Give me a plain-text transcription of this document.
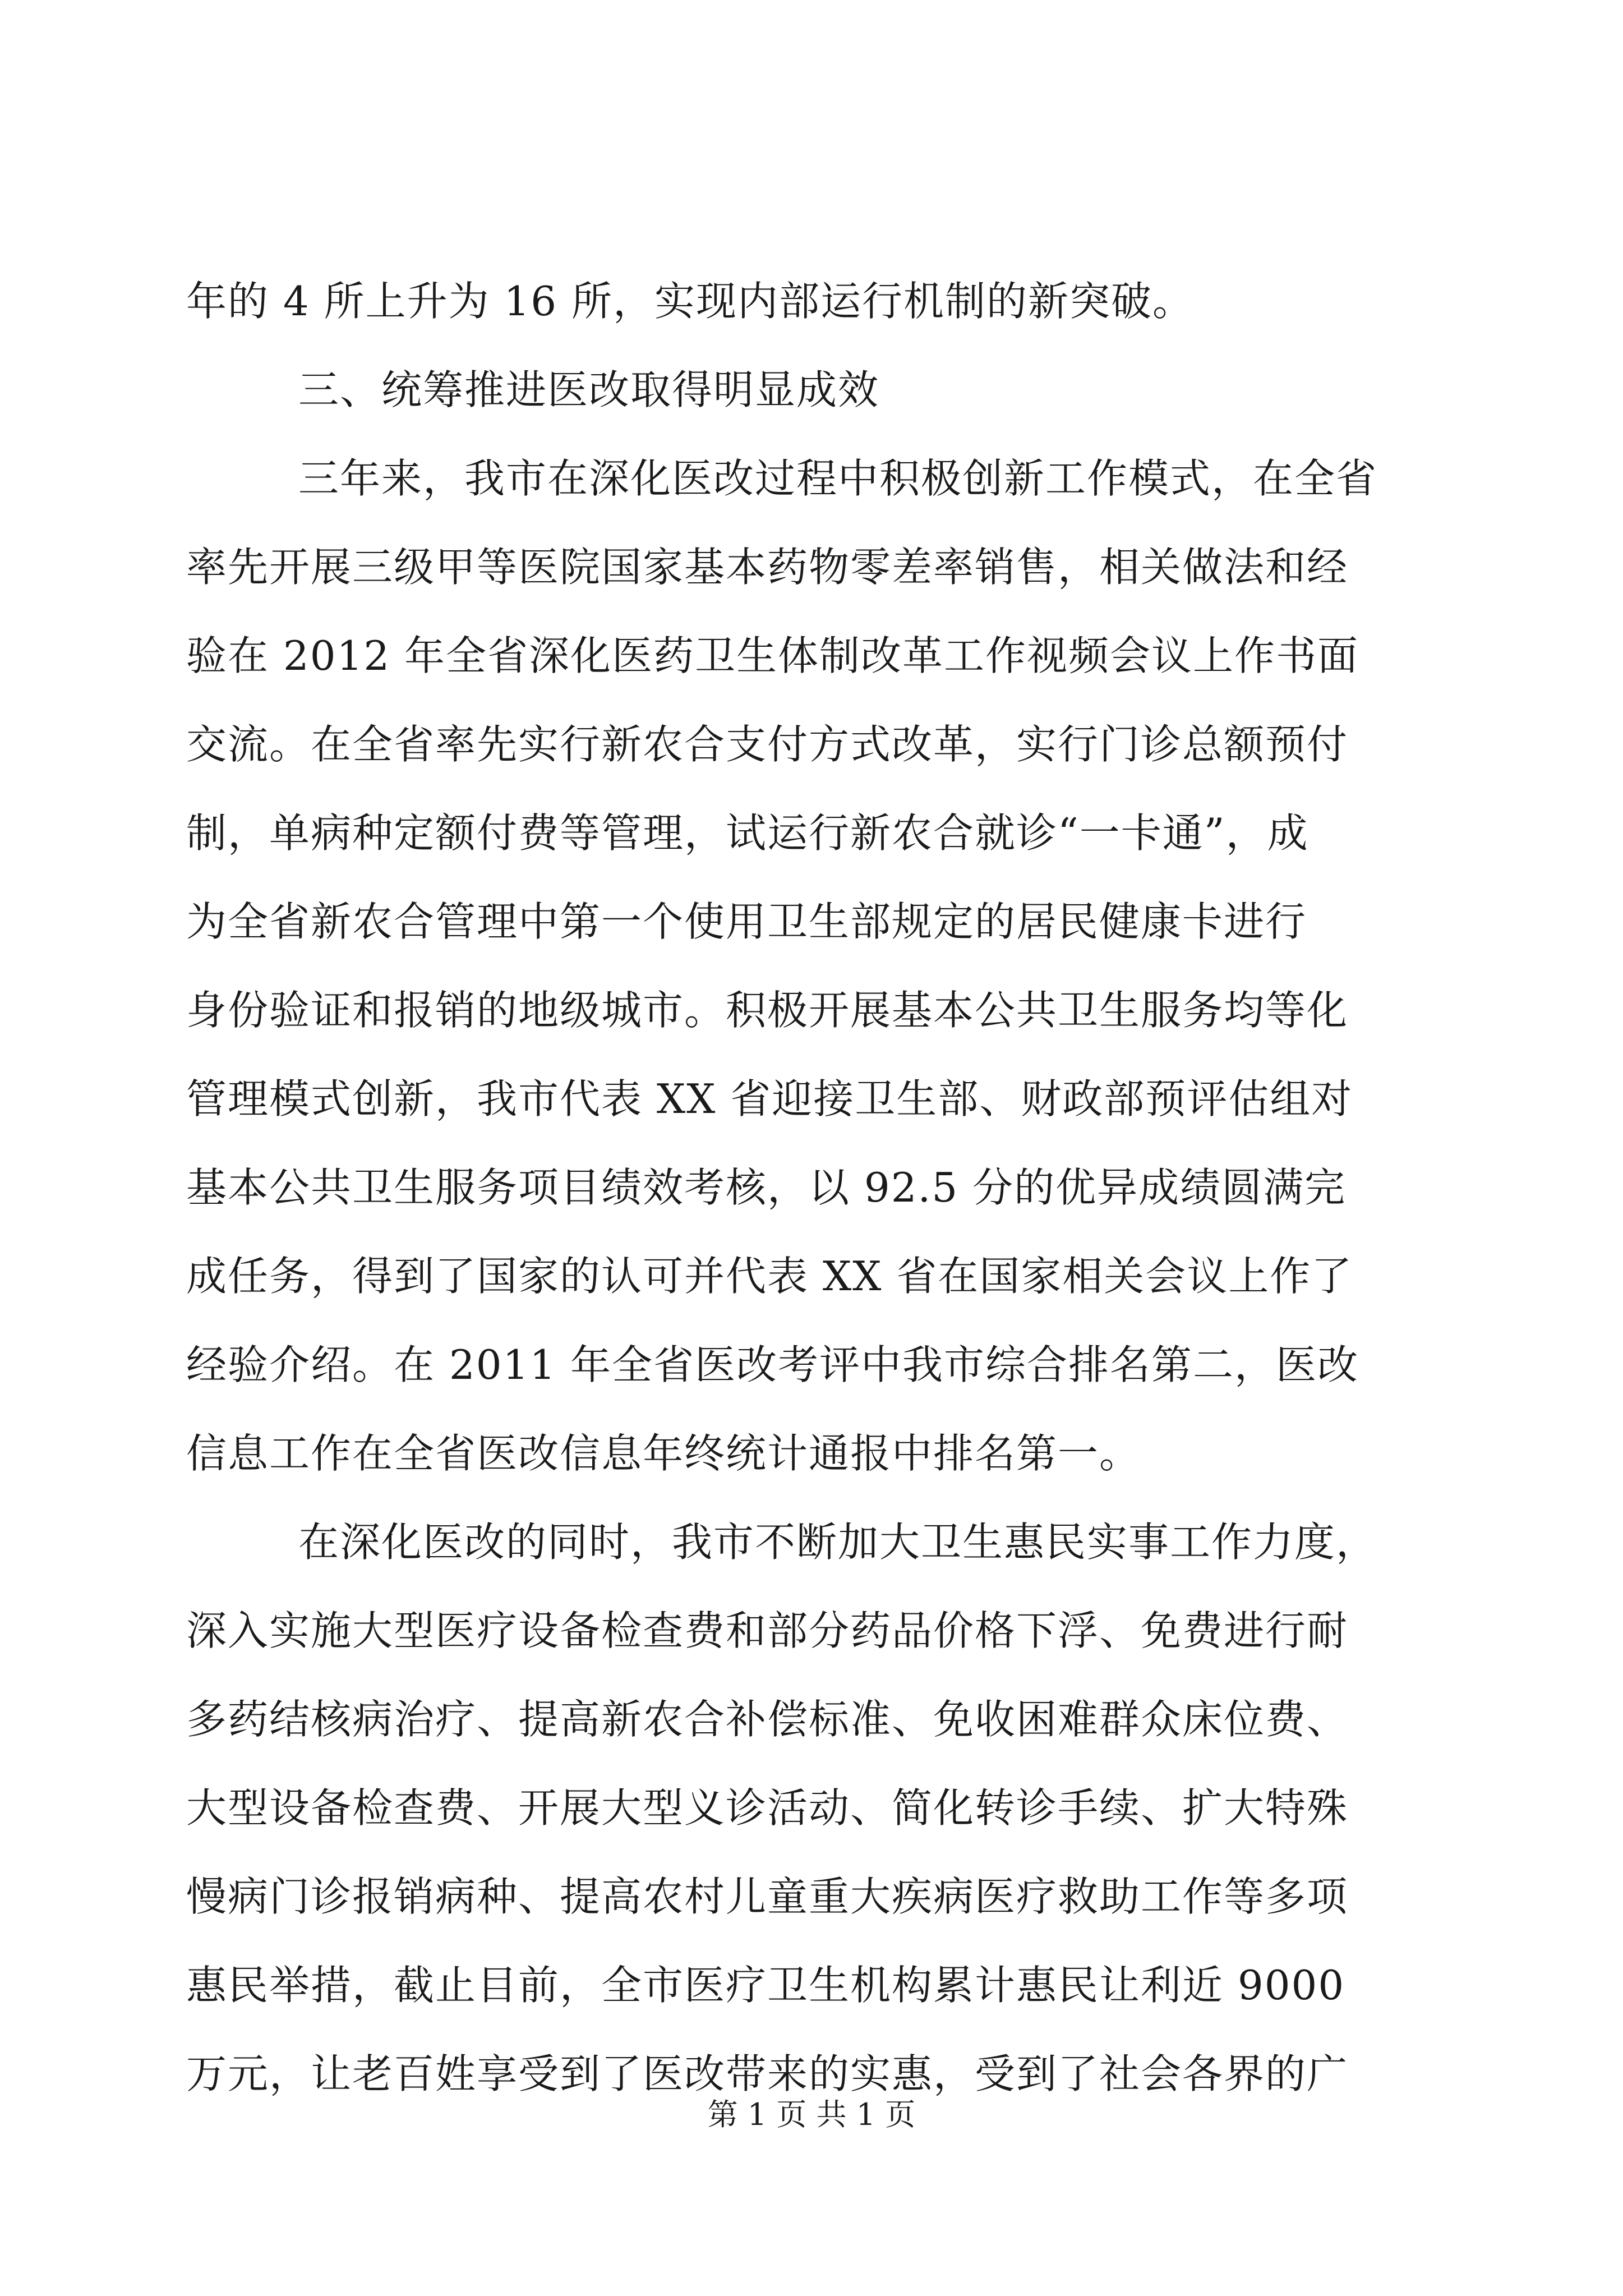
年的 4 所上升为 16 所，实现内部运行机制的新突破。
三、统筹推进医改取得明显成效
三年来，我市在深化医改过程中积极创新工作模式，在全省
率先开展三级甲等医院国家基本药物零差率销售，相关做法和经
验在 2012 年全省深化医药卫生体制改革工作视频会议上作书面
交流。在全省率先实行新农合支付方式改革，实行门诊总额预付
制，单病种定额付费等管理，试运行新农合就诊“一卡通”，成
为全省新农合管理中第一个使用卫生部规定的居民健康卡进行
身份验证和报销的地级城市。积极开展基本公共卫生服务均等化
管理模式创新，我市代表 XX 省迎接卫生部、财政部预评估组对
基本公共卫生服务项目绩效考核，以 92.5 分的优异成绩圆满完
成任务，得到了国家的认可并代表 XX 省在国家相关会议上作了
经验介绍。在 2011 年全省医改考评中我市综合排名第二，医改
信息工作在全省医改信息年终统计通报中排名第一。
在深化医改的同时，我市不断加大卫生惠民实事工作力度，
深入实施大型医疗设备检查费和部分药品价格下浮、免费进行耐
多药结核病治疗、提高新农合补偿标准、免收困难群众床位费、
大型设备检查费、开展大型义诊活动、简化转诊手续、扩大特殊
慢病门诊报销病种、提高农村儿童重大疾病医疗救助工作等多项
惠民举措，截止目前，全市医疗卫生机构累计惠民让利近 9000
万元，让老百姓享受到了医改带来的实惠，受到了社会各界的广
第 1 页 共 1 页
